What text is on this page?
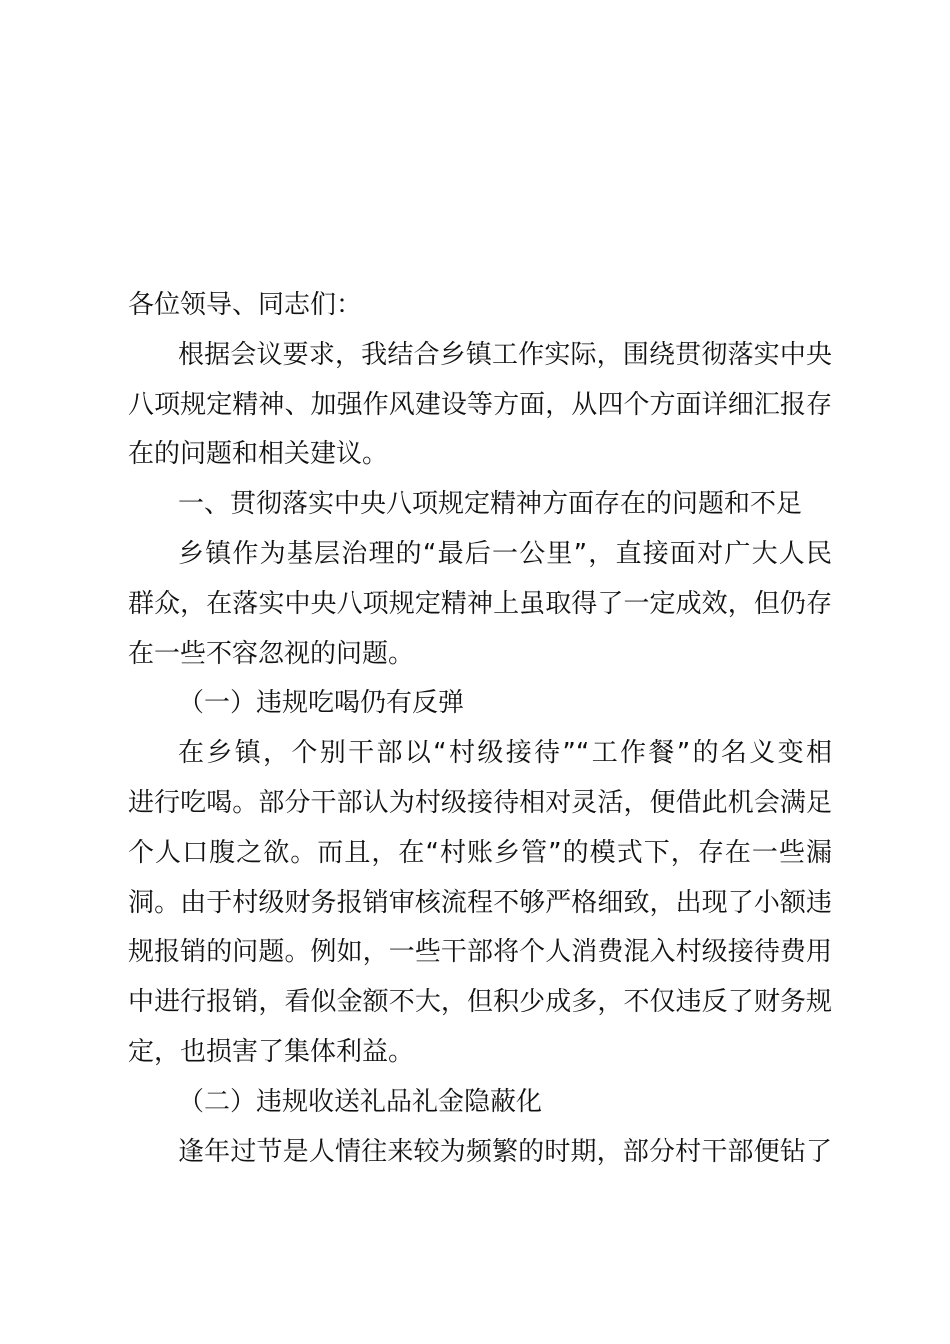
各位领导、同志们：
根据会议要求，我结合乡镇工作实际，围绕贯彻落实中央
八项规定精神、加强作风建设等方面，从四个方面详细汇报存
在的问题和相关建议。
一、贯彻落实中央八项规定精神方面存在的问题和不足
乡镇作为基层治理的“最后一公里”，直接面对广大人民
群众，在落实中央八项规定精神上虽取得了一定成效，但仍存
在一些不容忽视的问题。
（一）违规吃喝仍有反弹
在乡镇，个别干部以“村级接待”“工作餐”的名义变相
进行吃喝。部分干部认为村级接待相对灵活，便借此机会满足
个人口腹之欲。而且，在“村账乡管”的模式下，存在一些漏
洞。由于村级财务报销审核流程不够严格细致，出现了小额违
规报销的问题。例如，一些干部将个人消费混入村级接待费用
中进行报销，看似金额不大，但积少成多，不仅违反了财务规
定，也损害了集体利益。
（二）违规收送礼品礼金隐蔽化
逢年过节是人情往来较为频繁的时期，部分村干部便钻了
